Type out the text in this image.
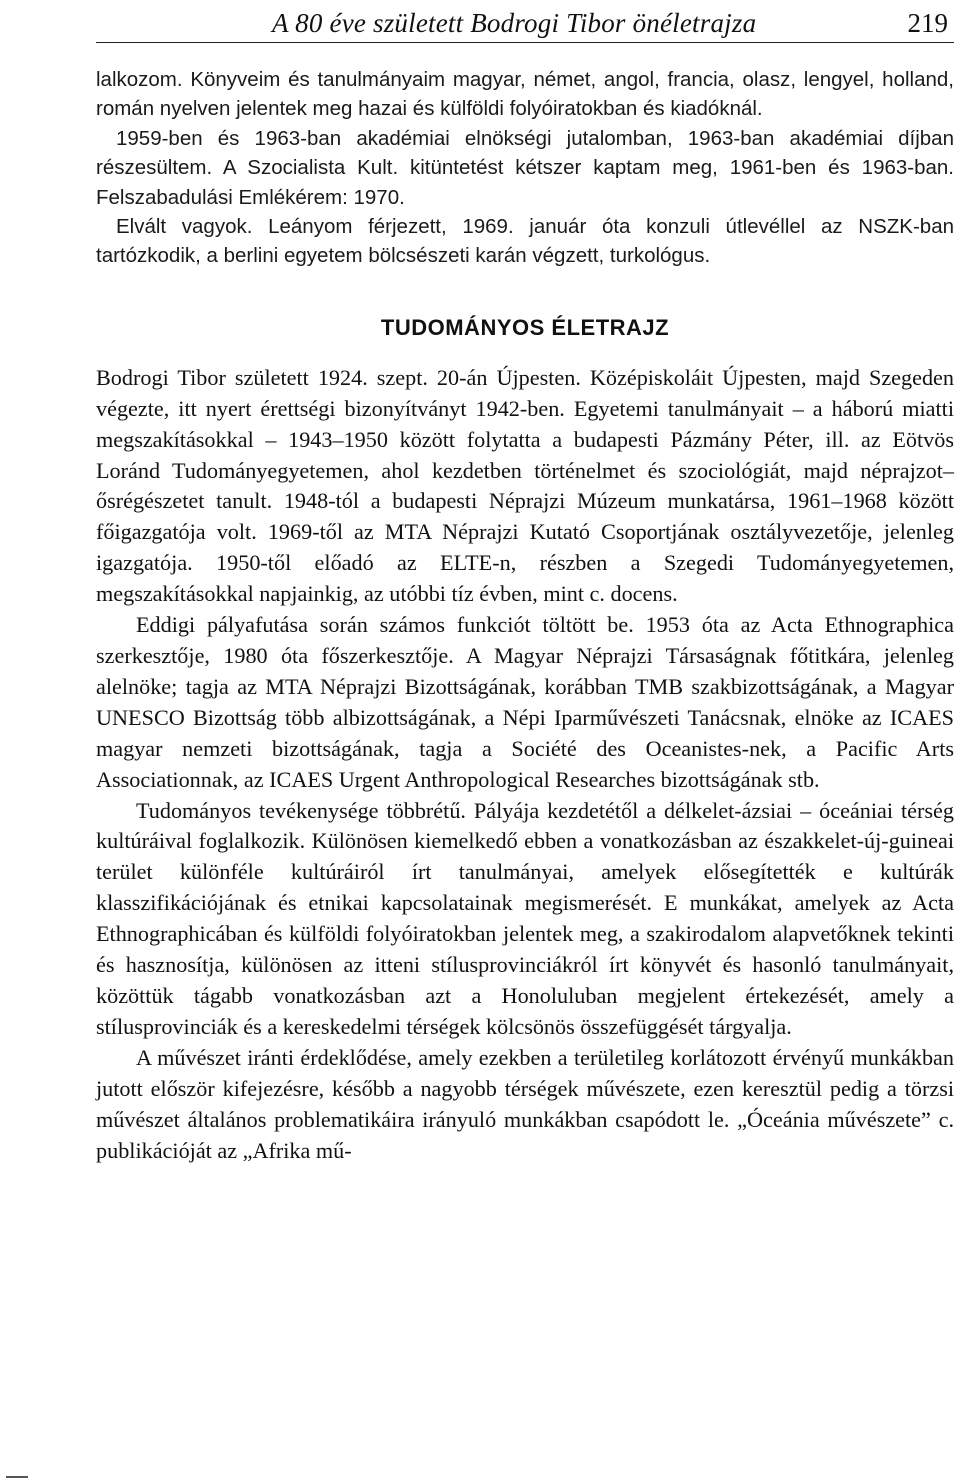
A 80 éve született Bodrogi Tibor önéletrajza	219

lalkozom. Könyveim és tanulmányaim magyar, német, angol, francia, olasz, lengyel, holland, román nyelven jelentek meg hazai és külföldi folyóiratokban és kiadóknál.

1959-ben és 1963-ban akadémiai elnökségi jutalomban, 1963-ban akadémiai díjban részesültem. A Szocialista Kult. kitüntetést kétszer kaptam meg, 1961-ben és 1963-ban. Felszabadulási Emlékérem: 1970.

Elvált vagyok. Leányom férjezett, 1969. január óta konzuli útlevéllel az NSZK-ban tartózkodik, a berlini egyetem bölcsészeti karán végzett, turkológus.

TUDOMÁNYOS ÉLETRAJZ

Bodrogi Tibor született 1924. szept. 20-án Újpesten. Középiskoláit Újpesten, majd Szegeden végezte, itt nyert érettségi bizonyítványt 1942-ben. Egyetemi tanulmányait – a háború miatti megszakításokkal – 1943–1950 között folytatta a budapesti Pázmány Péter, ill. az Eötvös Loránd Tudományegyetemen, ahol kezdetben történelmet és szociológiát, majd néprajzot–ősrégészetet tanult. 1948-tól a budapesti Néprajzi Múzeum munkatársa, 1961–1968 között főigazgatója volt. 1969-től az MTA Néprajzi Kutató Csoportjának osztályvezetője, jelenleg igazgatója. 1950-től előadó az ELTE-n, részben a Szegedi Tudományegyetemen, megszakításokkal napjainkig, az utóbbi tíz évben, mint c. docens.

Eddigi pályafutása során számos funkciót töltött be. 1953 óta az Acta Ethnographica szerkesztője, 1980 óta főszerkesztője. A Magyar Néprajzi Társaságnak főtitkára, jelenleg alelnöke; tagja az MTA Néprajzi Bizottságának, korábban TMB szakbizottságának, a Magyar UNESCO Bizottság több albizottságának, a Népi Iparművészeti Tanácsnak, elnöke az ICAES magyar nemzeti bizottságának, tagja a Société des Oceanistes-nek, a Pacific Arts Associationnak, az ICAES Urgent Anthropological Researches bizottságának stb.

Tudományos tevékenysége többrétű. Pályája kezdetétől a délkelet-ázsiai – óceániai térség kultúráival foglalkozik. Különösen kiemelkedő ebben a vonatkozásban az északkelet-új-guineai terület különféle kultúráiról írt tanulmányai, amelyek elősegítették e kultúrák klasszifikációjának és etnikai kapcsolatainak megismerését. E munkákat, amelyek az Acta Ethnographicában és külföldi folyóiratokban jelentek meg, a szakirodalom alapvetőknek tekinti és hasznosítja, különösen az itteni stílusprovinciákról írt könyvét és hasonló tanulmányait, közöttük tágabb vonatkozásban azt a Honoluluban megjelent értekezését, amely a stílusprovinciák és a kereskedelmi térségek kölcsönös összefüggését tárgyalja.

A művészet iránti érdeklődése, amely ezekben a területileg korlátozott érvényű munkákban jutott először kifejezésre, később a nagyobb térségek művészete, ezen keresztül pedig a törzsi művészet általános problematikáira irányuló munkákban csapódott le. „Óceánia művészete” c. publikációját az „Afrika mű-
